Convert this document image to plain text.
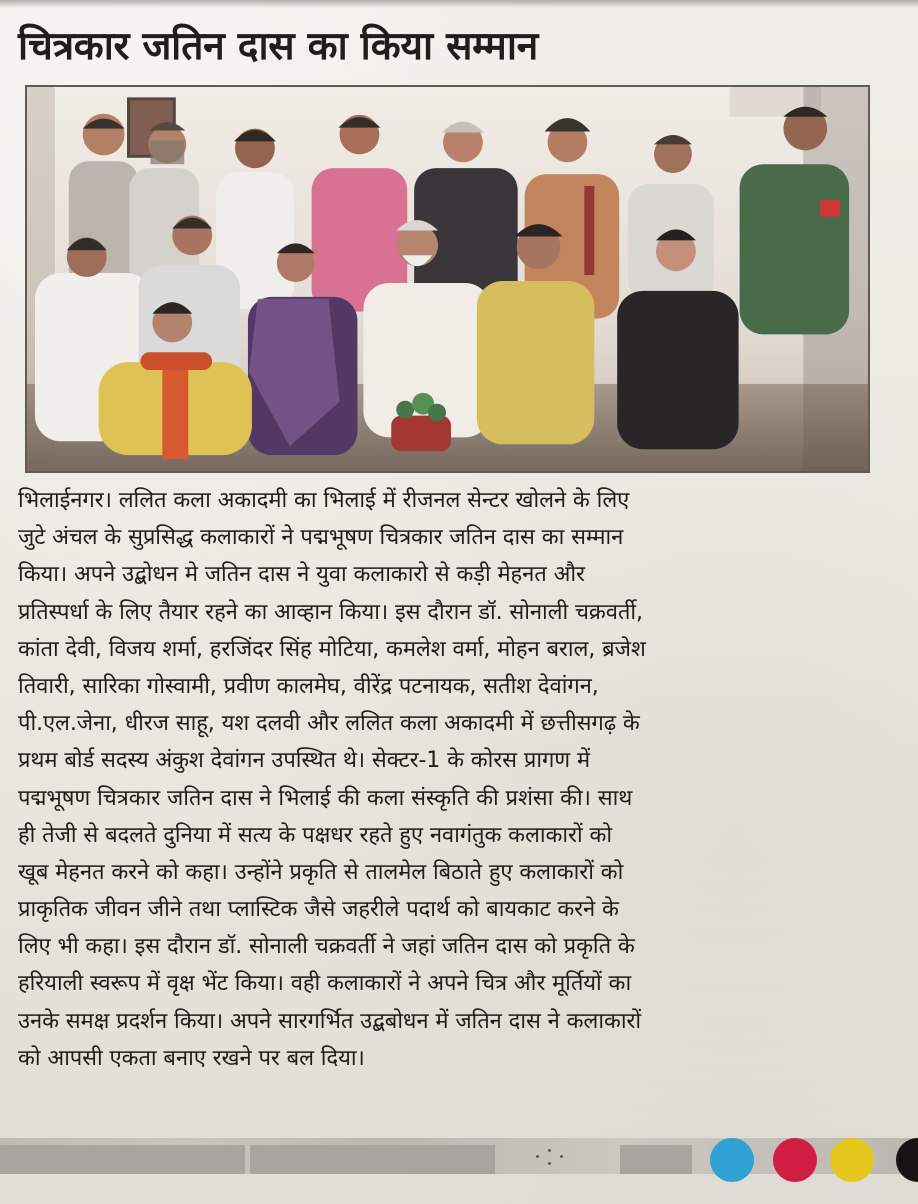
चित्रकार जतिन दास का किया सम्मान
भिलाईनगर। ललित कला अकादमी का भिलाई में रीजनल सेन्टर खोलने के लिए
जुटे अंचल के सुप्रसिद्ध कलाकारों ने पद्मभूषण चित्रकार जतिन दास का सम्मान
किया। अपने उद्बोधन मे जतिन दास ने युवा कलाकारो से कड़ी मेहनत और
प्रतिस्पर्धा के लिए तैयार रहने का आव्हान किया। इस दौरान डॉ. सोनाली चक्रवर्ती,
कांता देवी, विजय शर्मा, हरजिंदर सिंह मोटिया, कमलेश वर्मा, मोहन बराल, ब्रजेश
तिवारी, सारिका गोस्वामी, प्रवीण कालमेघ, वीरेंद्र पटनायक, सतीश देवांगन,
पी.एल.जेना, धीरज साहू, यश दलवी और ललित कला अकादमी में छत्तीसगढ़ के
प्रथम बोर्ड सदस्य अंकुश देवांगन उपस्थित थे। सेक्टर-1 के कोरस प्रागण में
पद्मभूषण चित्रकार जतिन दास ने भिलाई की कला संस्कृति की प्रशंसा की। साथ
ही तेजी से बदलते दुनिया में सत्य के पक्षधर रहते हुए नवागंतुक कलाकारों को
खूब मेहनत करने को कहा। उन्होंने प्रकृति से तालमेल बिठाते हुए कलाकारों को
प्राकृतिक जीवन जीने तथा प्लास्टिक जैसे जहरीले पदार्थ को बायकाट करने के
लिए भी कहा। इस दौरान डॉ. सोनाली चक्रवर्ती ने जहां जतिन दास को प्रकृति के
हरियाली स्वरूप में वृक्ष भेंट किया। वही कलाकारों ने अपने चित्र और मूर्तियों का
उनके समक्ष प्रदर्शन किया। अपने सारगर्भित उद्बबोधन में जतिन दास ने कलाकारों
को आपसी एकता बनाए रखने पर बल दिया।
